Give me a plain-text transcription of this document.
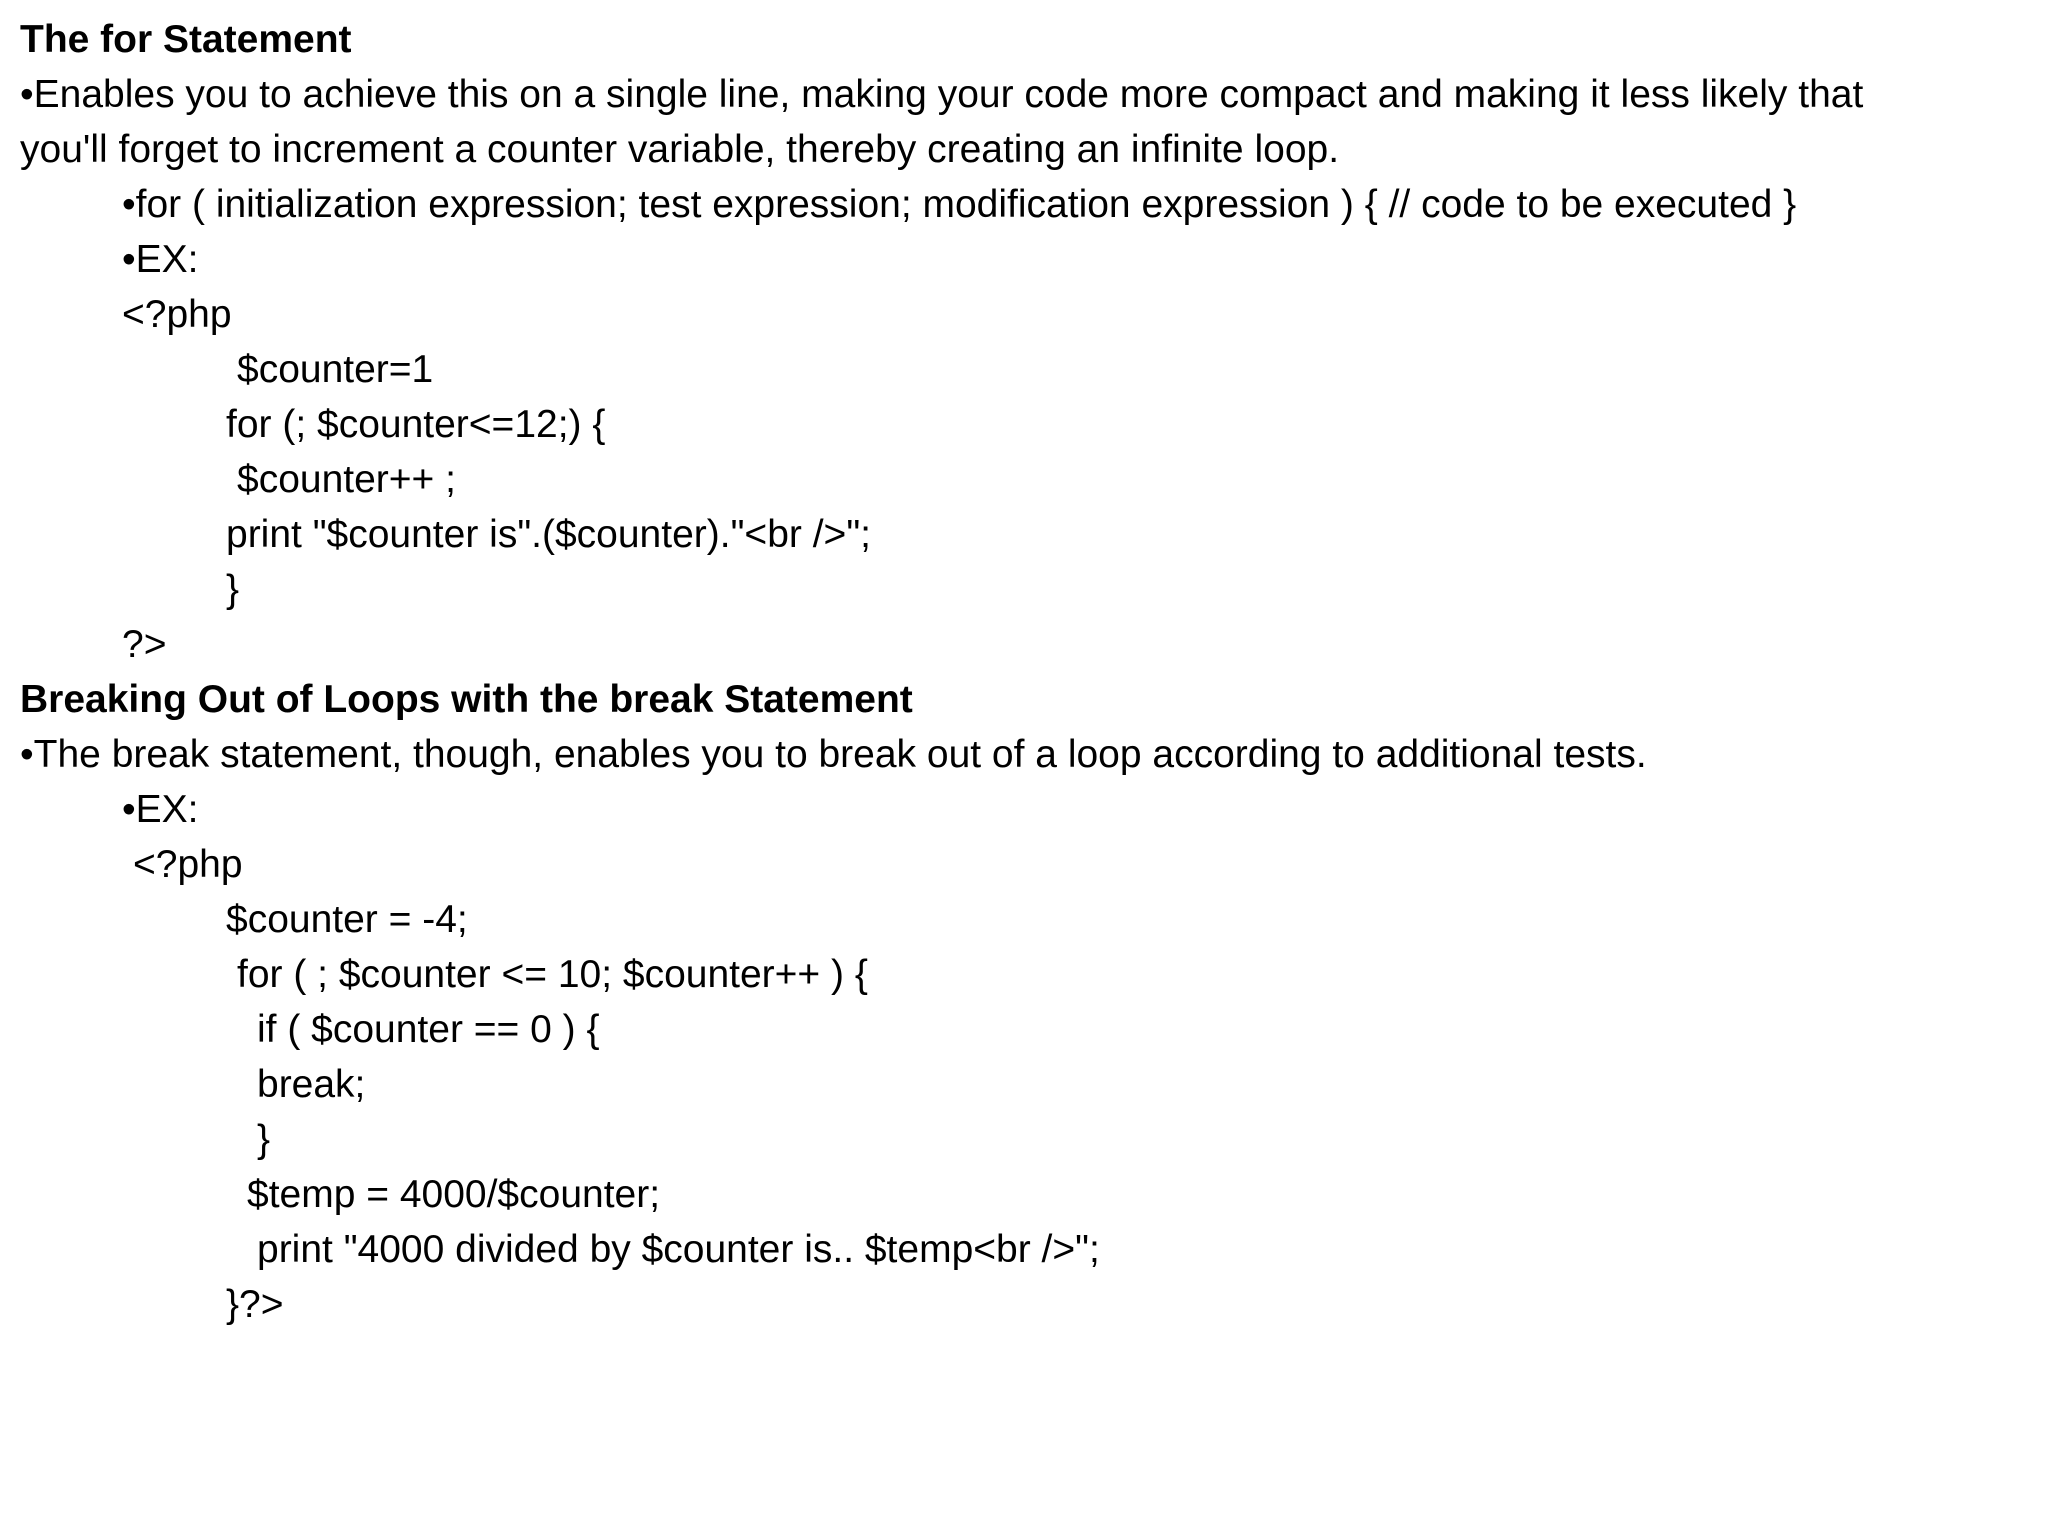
The for Statement
•Enables you to achieve this on a single line, making your code more compact and making it less likely that
you'll forget to increment a counter variable, thereby creating an infinite loop.
•for ( initialization expression; test expression; modification expression ) { // code to be executed }
•EX:
<?php
$counter=1
for (; $counter<=12;) {
$counter++ ;
print "$counter is".($counter)."<br />";
}
?>
Breaking Out of Loops with the break Statement
•The break statement, though, enables you to break out of a loop according to additional tests.
•EX:
<?php
$counter = -4;
for ( ; $counter <= 10; $counter++ ) {
if ( $counter == 0 ) {
break;
}
$temp = 4000/$counter;
print "4000 divided by $counter is.. $temp<br />";
}?>
